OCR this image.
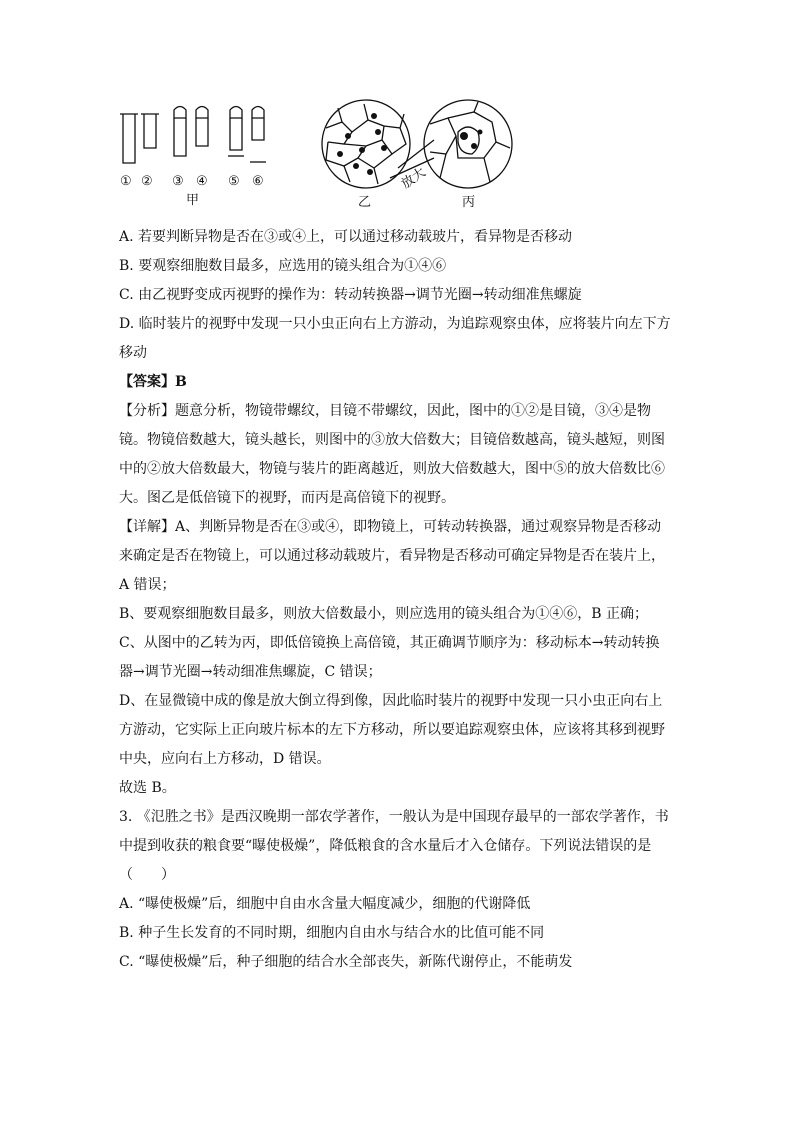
① ② ③ ④ ⑤ ⑥
甲
放大
乙	丙
A. 若要判断异物是否在③或④上，可以通过移动载玻片，看异物是否移动
B. 要观察细胞数目最多，应选用的镜头组合为①④⑥
C. 由乙视野变成丙视野的操作为：转动转换器→调节光圈→转动细准焦螺旋
D. 临时装片的视野中发现一只小虫正向右上方游动，为追踪观察虫体，应将装片向左下方
移动
【答案】B
【分析】题意分析，物镜带螺纹，目镜不带螺纹，因此，图中的①②是目镜，③④是物
镜。物镜倍数越大，镜头越长，则图中的③放大倍数大；目镜倍数越高，镜头越短，则图
中的②放大倍数最大，物镜与装片的距离越近，则放大倍数越大，图中⑤的放大倍数比⑥
大。图乙是低倍镜下的视野，而丙是高倍镜下的视野。
【详解】A、判断异物是否在③或④，即物镜上，可转动转换器，通过观察异物是否移动
来确定是否在物镜上，可以通过移动载玻片，看异物是否移动可确定异物是否在装片上，
A 错误；
B、要观察细胞数目最多，则放大倍数最小，则应选用的镜头组合为①④⑥，B 正确；
C、从图中的乙转为丙，即低倍镜换上高倍镜，其正确调节顺序为：移动标本→转动转换
器→调节光圈→转动细准焦螺旋，C 错误；
D、在显微镜中成的像是放大倒立得到像，因此临时装片的视野中发现一只小虫正向右上
方游动，它实际上正向玻片标本的左下方移动，所以要追踪观察虫体，应该将其移到视野
中央，应向右上方移动，D 错误。
故选 B。
3. 《氾胜之书》是西汉晚期一部农学著作，一般认为是中国现存最早的一部农学著作，书
中提到收获的粮食要“曝使极燥”，降低粮食的含水量后才入仓储存。下列说法错误的是
（　　）
A. “曝使极燥”后，细胞中自由水含量大幅度减少，细胞的代谢降低
B. 种子生长发育的不同时期，细胞内自由水与结合水的比值可能不同
C. “曝使极燥”后，种子细胞的结合水全部丧失，新陈代谢停止，不能萌发
